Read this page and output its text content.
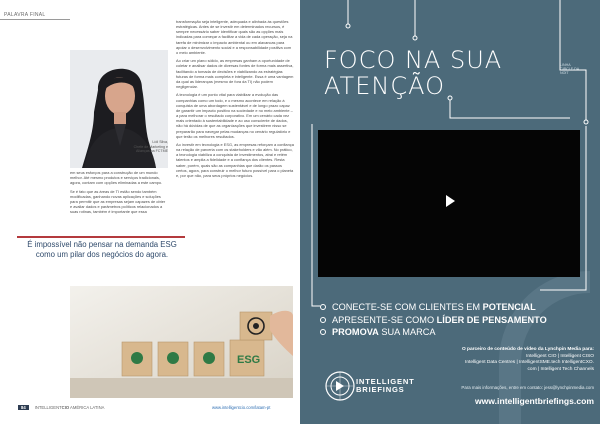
PALAVRA FINAL
Lídi Silva,
Chefe de Marketing e
Alianças na FCTME

em seus esforços para a construção de um mundo melhor. Até mesmo produtos e serviços tradicionais, agora, contam com opções eliminadas a este campo.

Se é fato que as áreas de TI estão sendo também modificadas, ganhando novas aplicações e soluções para permitir que as empresas sejam capazes de obter e avaliar dados e parâmetros políticos relacionados a suas rotinas, também é importante que essa

transformação seja inteligente, adequada e alinhada às questões estratégicas. Antes de se investir em determinados recursos, é sempre necessário saber identificar quais são as opções mais indicadas para começar a facilitar a vida de cada operação, seja na tarefa de minimizar o impacto ambiental ou em alavancas para apoiar o desenvolvimento social e a responsabilidade positiva com o meio ambiente.

Ao criar um plano sólido, as empresas ganham a oportunidade de coletar e analisar dados de diversas fontes de forma mais assertiva, facilitando a tomada de decisões e viabilizando as estratégias futuras de forma mais completa e inteligente. Essa é uma vantagem da qual as lideranças (mesmo de fora da TI) não podem negligenciar.

A tecnologia é um ponto vital para viabilizar a evolução das companhias como um todo, e o mesmo acontece em relação à conquista de uma abordagem sustentável e de longo prazo capaz de garantir um impacto positivo na sociedade e no meio ambiente – a para melhorar o resultado corporativo. Em um cenário cada vez mais orientado à sustentabilidade e ao uso consciente de dados, não há dúvidas de que as organizações que investirem nisso se prepararão para navegar pelas mudanças no cenário regulatório e que terão os melhores resultados.

Ao investir em tecnologia e ESG, as empresas reforçam a confiança na relação de parceria com os stakeholders e vão além. No prático, a tecnologia viabiliza a conquista de investimentos, atrai e retém talentos e amplia a fidelidade e a confiança dos clientes. Resta saber, porém, quais são as companhias que darão os passos certos, agora, para construir o melhor futuro possível para o planeta e, por que não, para seus próprios negócios.

É impossível não pensar na demanda ESG como um pilar dos negócios do agora.
ESG
84 INTELLIGENTCIO AMÉRICA LATINA	www.intelligentcio.com/latam-pt
FOCO NA SUA
ATENÇÃO
LINHA
CIRCLE DA
NOIT
CONECTE-SE COM CLIENTES EM POTENCIAL
APRESENTE-SE COMO LÍDER DE PENSAMENTO
PROMOVA SUA MARCA
O parceiro de conteúdo de vídeo da Lynchpin Media para:
Intelligent CIO | Intelligent CISO
Intelligent Data Centres | IntelligentSME.tech IntelligentCXO.
com | Intelligent Tech Channels
INTELLIGENT
BRIEFINGS	Para mais informações, entre em contato: jess@lynchpinmedia.com
www.intelligentbriefings.com
